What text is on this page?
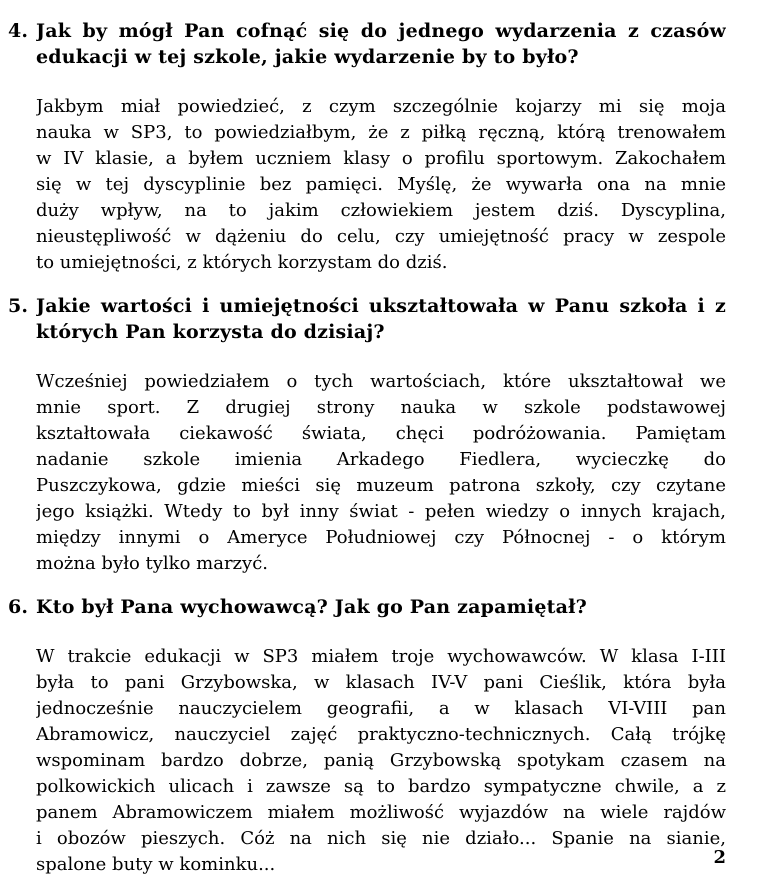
4. Jak by mógł Pan cofnąć się do jednego wydarzenia z czasów
edukacji w tej szkole, jakie wydarzenie by to było?
Jakbym miał powiedzieć, z czym szczególnie kojarzy mi się moja
nauka w SP3, to powiedziałbym, że z piłką ręczną, którą trenowałem
w IV klasie, a byłem uczniem klasy o profilu sportowym. Zakochałem
się w tej dyscyplinie bez pamięci. Myślę, że wywarła ona na mnie
duży wpływ, na to jakim człowiekiem jestem dziś. Dyscyplina,
nieustępliwość w dążeniu do celu, czy umiejętność pracy w zespole
to umiejętności, z których korzystam do dziś.
5. Jakie wartości i umiejętności ukształtowała w Panu szkoła i z
których Pan korzysta do dzisiaj?
Wcześniej powiedziałem o tych wartościach, które ukształtował we
mnie sport. Z drugiej strony nauka w szkole podstawowej
kształtowała ciekawość świata, chęci podróżowania. Pamiętam
nadanie szkole imienia Arkadego Fiedlera, wycieczkę do
Puszczykowa, gdzie mieści się muzeum patrona szkoły, czy czytane
jego książki. Wtedy to był inny świat - pełen wiedzy o innych krajach,
między innymi o Ameryce Południowej czy Północnej - o którym
można było tylko marzyć.
6. Kto był Pana wychowawcą? Jak go Pan zapamiętał?
W trakcie edukacji w SP3 miałem troje wychowawców. W klasa I-III
była to pani Grzybowska, w klasach IV-V pani Cieślik, która była
jednocześnie nauczycielem geografii, a w klasach VI-VIII pan
Abramowicz, nauczyciel zajęć praktyczno-technicznych. Całą trójkę
wspominam bardzo dobrze, panią Grzybowską spotykam czasem na
polkowickich ulicach i zawsze są to bardzo sympatyczne chwile, a z
panem Abramowiczem miałem możliwość wyjazdów na wiele rajdów
i obozów pieszych. Cóż na nich się nie działo... Spanie na sianie,
spalone buty w kominku...	2
